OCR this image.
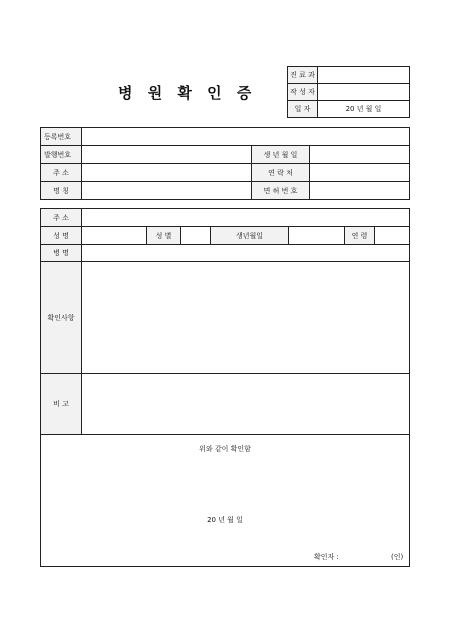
병 원 확 인 증
진 료 과	
작 성 자	
일 자	20 년 월 일
등록번호			
발행번호		생 년 월 일	
주 소		연 락 처	
명 칭		면 허 번 호	
주 소							
성 명		성 별		생년월일		연 령	
병 명							
확인사항							
비 고							
위와 같이 확인함
20 년 월 일
확인자 :	(인)
